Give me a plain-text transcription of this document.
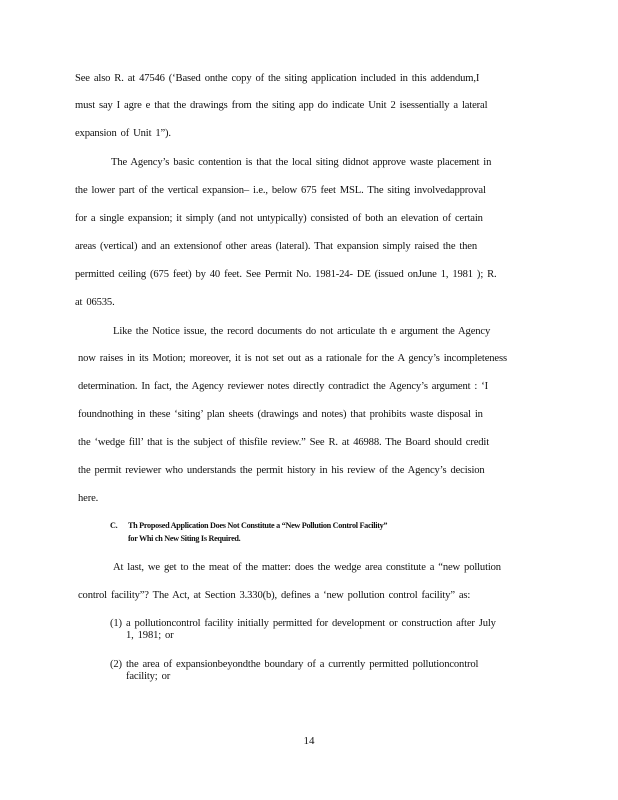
See also R. at 47546 (‘Based onthe copy of the siting application included in this addendum,I
must say I agre e that the drawings from the siting app do indicate Unit 2 isessentially a lateral
expansion of Unit 1”).
The Agency’s basic contention is that the local siting didnot approve waste placement in
the lower part of the vertical expansion– i.e., below 675 feet MSL. The siting involvedapproval
for a single expansion; it simply (and not untypically) consisted of both an elevation of certain
areas (vertical) and an extensionof other areas (lateral). That expansion simply raised the then
permitted ceiling (675 feet) by 40 feet. See Permit No. 1981-24- DE (issued onJune 1, 1981 ); R.
at 06535.
Like the Notice issue, the record documents do not articulate th e argument the Agency
now raises in its Motion; moreover, it is not set out as a rationale for the A gency’s incompleteness
determination. In fact, the Agency reviewer notes directly contradict the Agency’s argument : ‘I
foundnothing in these ‘siting’ plan sheets (drawings and notes) that prohibits waste disposal in
the ‘wedge fill’ that is the subject of thisfile review.” See R. at 46988. The Board should credit
the permit reviewer who understands the permit history in his review of the Agency’s decision
here.
C. Th Proposed Application Does Not Constitute a “New Pollution Control Facility”
for Whi ch New Siting Is Required.
At last, we get to the meat of the matter: does the wedge area constitute a “new pollution
control facility”? The Act, at Section 3.330(b), defines a ‘new pollution control facility” as:
(1) a pollutioncontrol facility initially permitted for development or construction after July
1, 1981; or
(2) the area of expansionbeyondthe boundary of a currently permitted pollutioncontrol
facility; or
14
